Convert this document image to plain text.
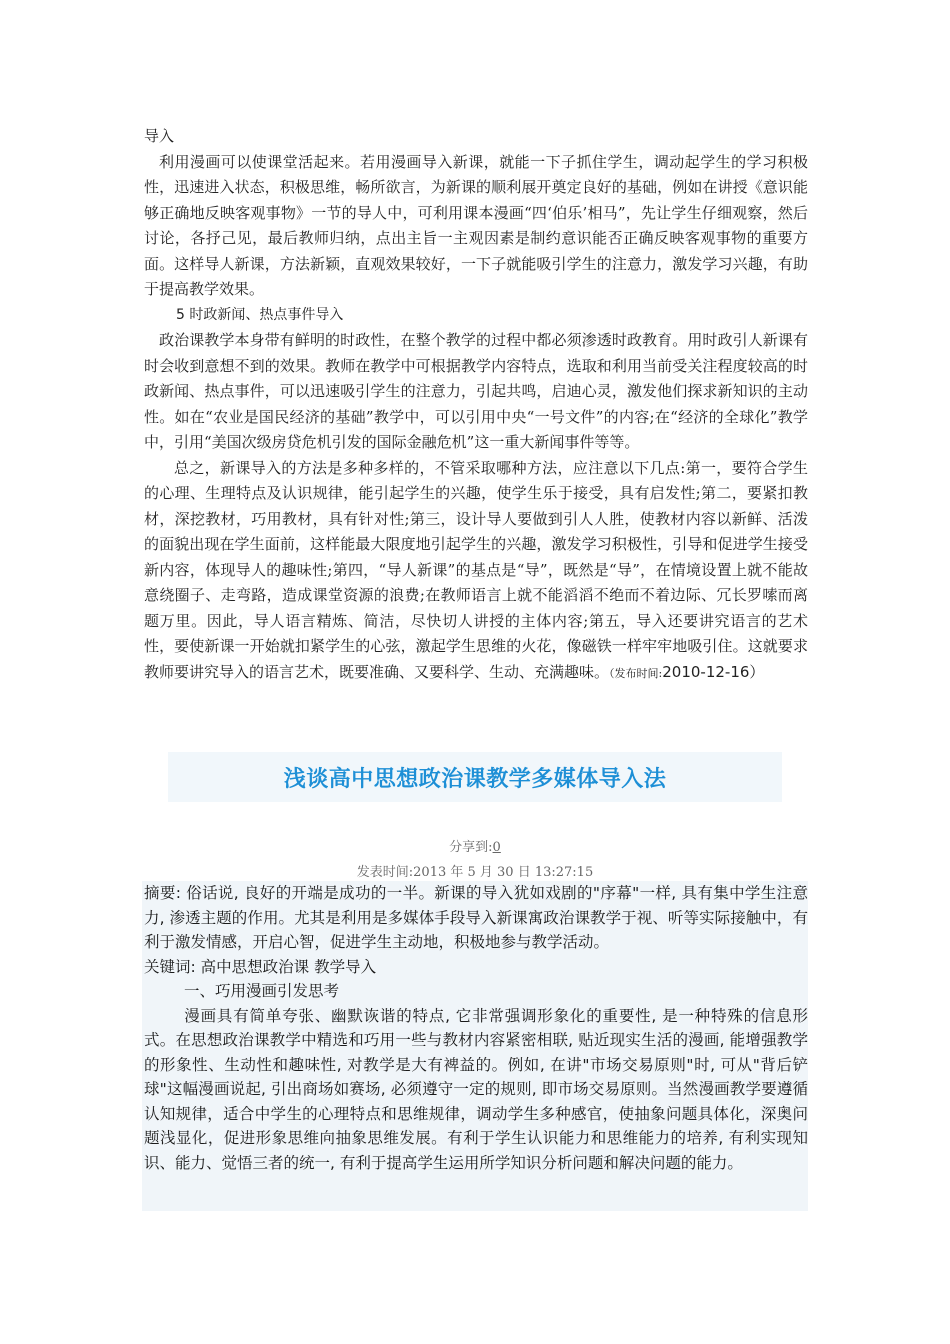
导入

利用漫画可以使课堂活起来。若用漫画导入新课，就能一下子抓住学生，调动起学生的学习积极性，迅速进入状态，积极思维，畅所欲言，为新课的顺利展开奠定良好的基础，例如在讲授《意识能够正确地反映客观事物》一节的导人中，可利用课本漫画“四‘伯乐’相马”，先让学生仔细观察，然后讨论，各抒己见，最后教师归纳，点出主旨一主观因素是制约意识能否正确反映客观事物的重要方面。这样导人新课，方法新颖，直观效果较好，一下子就能吸引学生的注意力，激发学习兴趣，有助于提高教学效果。

5 时政新闻、热点事件导入

政治课教学本身带有鲜明的时政性，在整个教学的过程中都必须渗透时政教育。用时政引人新课有时会收到意想不到的效果。教师在教学中可根据教学内容特点，选取和利用当前受关注程度较高的时政新闻、热点事件，可以迅速吸引学生的注意力，引起共鸣，启迪心灵，激发他们探求新知识的主动性。如在“农业是国民经济的基础”教学中，可以引用中央“一号文件”的内容;在“经济的全球化”教学中，引用“美国次级房贷危机引发的国际金融危机”这一重大新闻事件等等。

总之，新课导入的方法是多种多样的，不管采取哪种方法，应注意以下几点:第一，要符合学生的心理、生理特点及认识规律，能引起学生的兴趣，使学生乐于接受，具有启发性;第二，要紧扣教材，深挖教材，巧用教材，具有针对性;第三，设计导人要做到引人人胜，使教材内容以新鲜、活泼的面貌出现在学生面前，这样能最大限度地引起学生的兴趣，激发学习积极性，引导和促进学生接受新内容，体现导人的趣味性;第四，“导人新课”的基点是“导”，既然是“导”，在情境设置上就不能故意绕圈子、走弯路，造成课堂资源的浪费;在教师语言上就不能滔滔不绝而不着边际、冗长罗嗦而离题万里。因此，导人语言精炼、简洁，尽快切人讲授的主体内容;第五，导入还要讲究语言的艺术性，要使新课一开始就扣紧学生的心弦，激起学生思维的火花，像磁铁一样牢牢地吸引住。这就要求教师要讲究导入的语言艺术，既要准确、又要科学、生动、充满趣味。（发布时间:2010-12-16）

浅谈高中思想政治课教学多媒体导入法
分享到:0
发表时间:2013 年 5 月 30 日 13:27:15

摘要: 俗话说, 良好的开端是成功的一半。新课的导入犹如戏剧的"序幕"一样, 具有集中学生注意力, 渗透主题的作用。尤其是利用是多媒体手段导入新课寓政治课教学于视、听等实际接触中，有利于激发情感，开启心智，促进学生主动地，积极地参与教学活动。

关键词: 高中思想政治课 教学导入

一、巧用漫画引发思考

漫画具有简单夸张、幽默诙谐的特点, 它非常强调形象化的重要性, 是一种特殊的信息形式。在思想政治课教学中精选和巧用一些与教材内容紧密相联, 贴近现实生活的漫画, 能增强教学的形象性、生动性和趣味性, 对教学是大有裨益的。例如, 在讲"市场交易原则"时, 可从"背后铲球"这幅漫画说起, 引出商场如赛场, 必须遵守一定的规则, 即市场交易原则。当然漫画教学要遵循认知规律，适合中学生的心理特点和思维规律，调动学生多种感官，使抽象问题具体化，深奥问题浅显化，促进形象思维向抽象思维发展。有利于学生认识能力和思维能力的培养, 有利实现知识、能力、觉悟三者的统一, 有利于提高学生运用所学知识分析问题和解决问题的能力。
